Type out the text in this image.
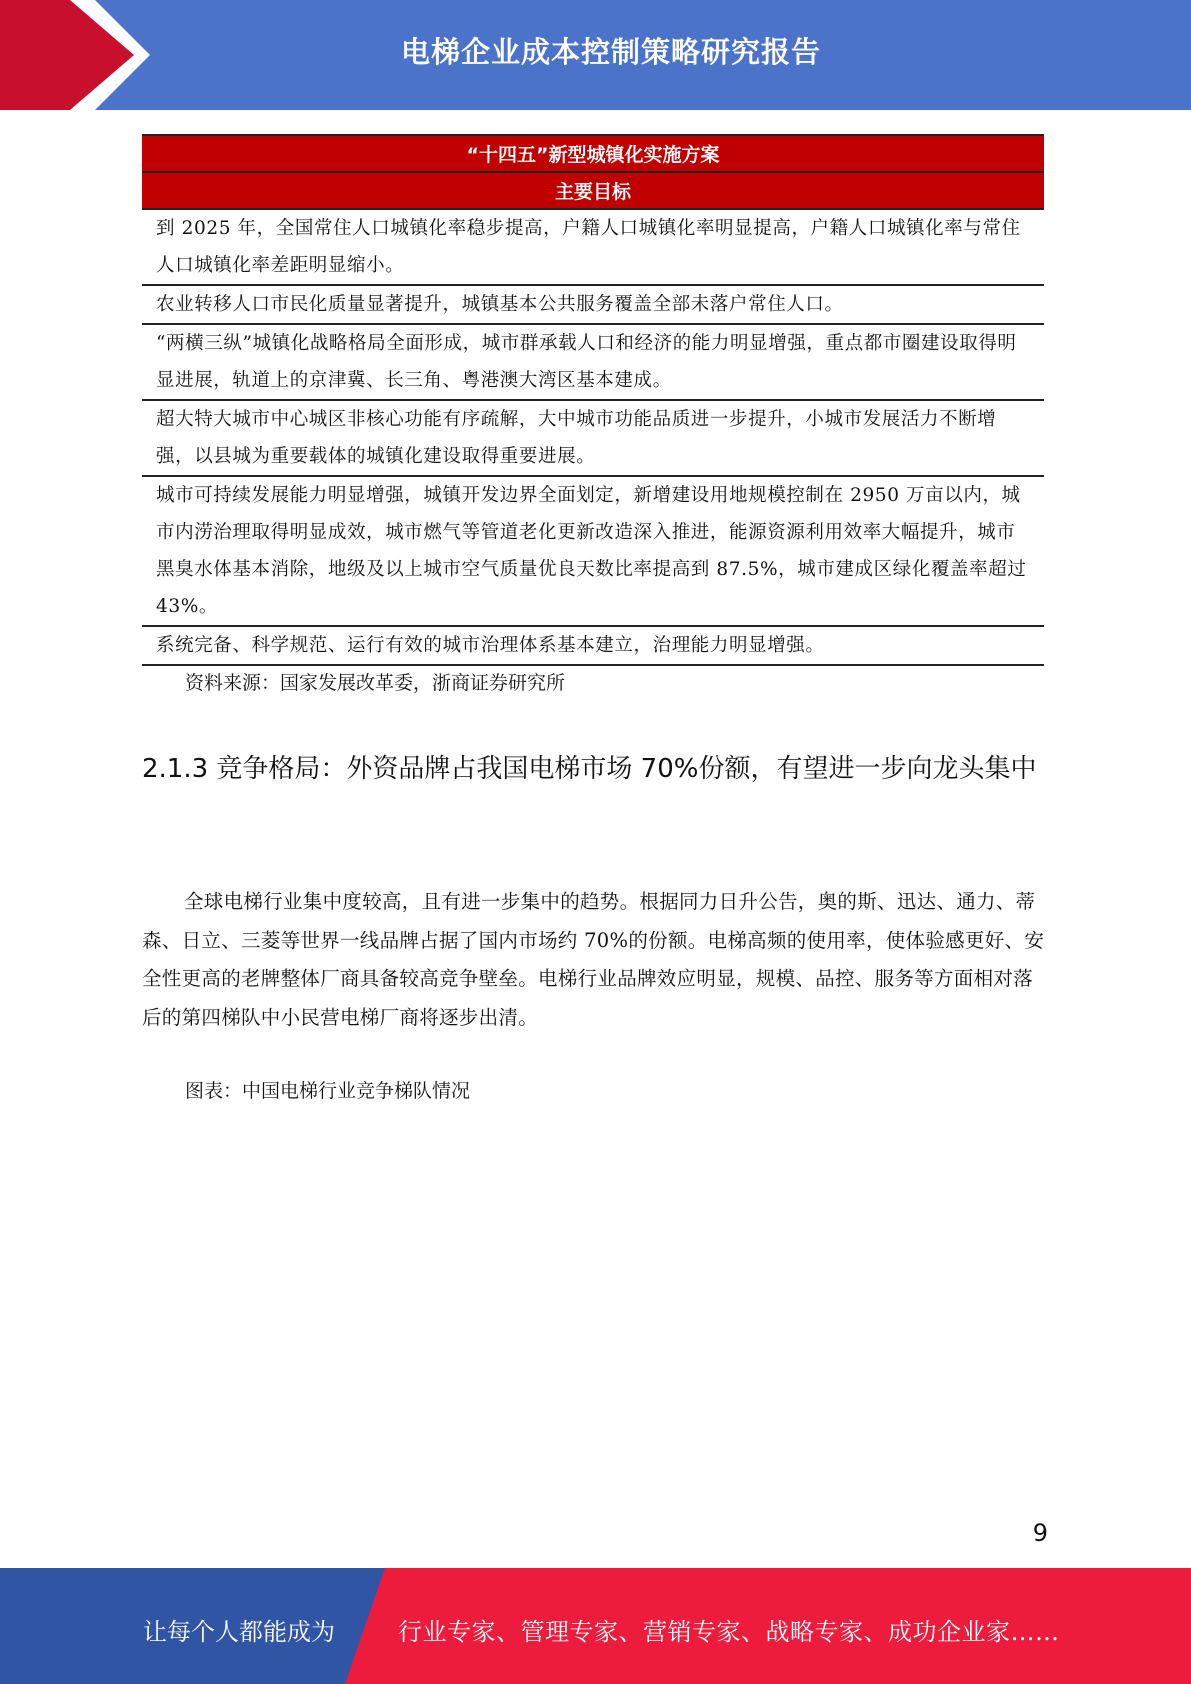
电梯企业成本控制策略研究报告
“十四五”新型城镇化实施方案
主要目标
到 2025 年，全国常住人口城镇化率稳步提高，户籍人口城镇化率明显提高，户籍人口城镇化率与常住人口城镇化率差距明显缩小。
农业转移人口市民化质量显著提升，城镇基本公共服务覆盖全部未落户常住人口。
“两横三纵”城镇化战略格局全面形成，城市群承载人口和经济的能力明显增强，重点都市圈建设取得明显进展，轨道上的京津冀、长三角、粤港澳大湾区基本建成。
超大特大城市中心城区非核心功能有序疏解，大中城市功能品质进一步提升，小城市发展活力不断增强，以县城为重要载体的城镇化建设取得重要进展。
城市可持续发展能力明显增强，城镇开发边界全面划定，新增建设用地规模控制在 2950 万亩以内，城市内涝治理取得明显成效，城市燃气等管道老化更新改造深入推进，能源资源利用效率大幅提升，城市黑臭水体基本消除，地级及以上城市空气质量优良天数比率提高到 87.5%，城市建成区绿化覆盖率超过 43%。
系统完备、科学规范、运行有效的城市治理体系基本建立，治理能力明显增强。
资料来源：国家发展改革委，浙商证券研究所
2.1.3 竞争格局：外资品牌占我国电梯市场 70%份额，有望进一步向龙头集中
全球电梯行业集中度较高，且有进一步集中的趋势。根据同力日升公告，奥的斯、迅达、通力、蒂森、日立、三菱等世界一线品牌占据了国内市场约 70%的份额。电梯高频的使用率，使体验感更好、安全性更高的老牌整体厂商具备较高竞争壁垒。电梯行业品牌效应明显，规模、品控、服务等方面相对落后的第四梯队中小民营电梯厂商将逐步出清。
图表：中国电梯行业竞争梯队情况
9
让每个人都能成为	行业专家、管理专家、营销专家、战略专家、成功企业家……
